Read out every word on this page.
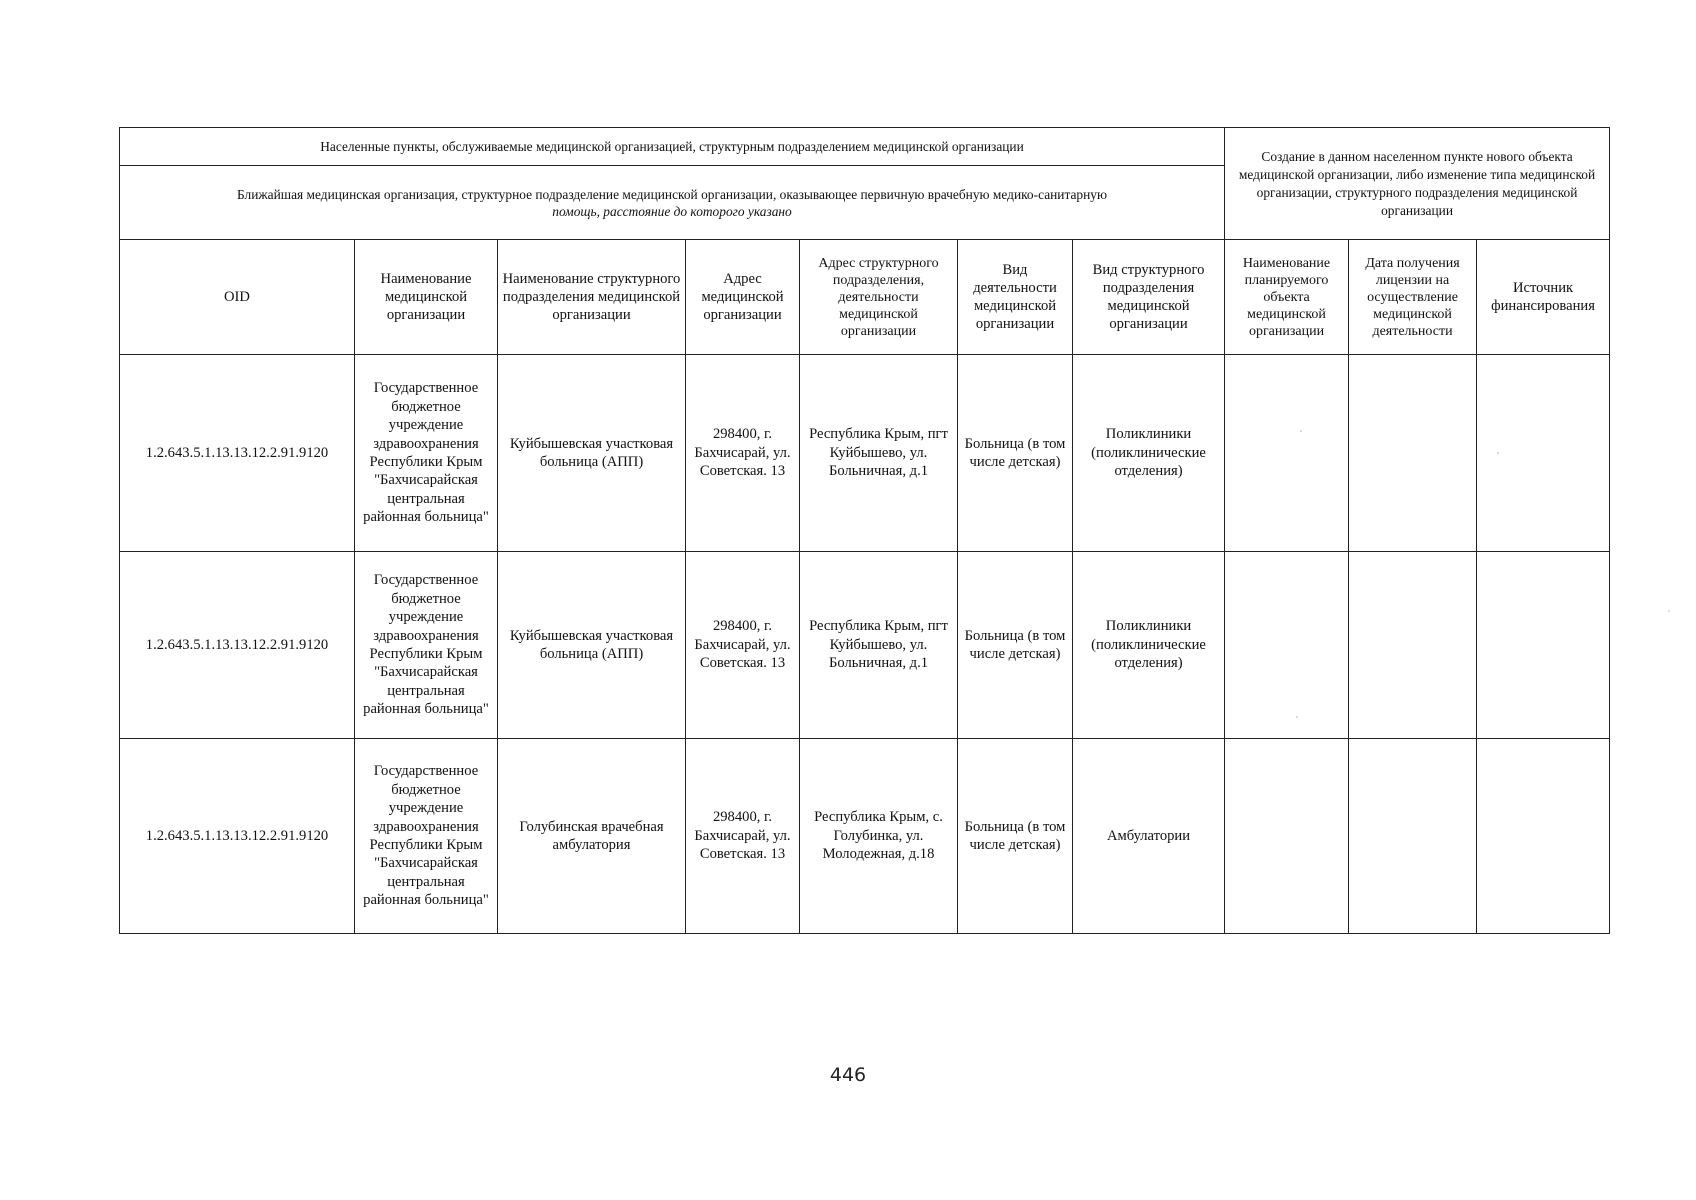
Населенные пункты, обслуживаемые медицинской организацией, структурным подразделением медицинской организации							Создание в данном населенном пункте нового объекта медицинской организации, либо изменение типа медицинской организации, структурного подразделения медицинской организации		
Ближайшая медицинская организация, структурное подразделение медицинской организации, оказывающее первичную врачебную медико-санитарную
помощь, расстояние до которого указано									
OID	Наименование медицинской организации	Наименование структурного подразделения медицинской организации	Адрес медицинской организации	Адрес структурного подразделения, деятельности медицинской организации	Вид деятельности медицинской организации	Вид структурного подразделения медицинской организации	Наименование планируемого объекта медицинской организации	Дата получения лицензии на осуществление медицинской деятельности	Источник финансирования
1.2.643.5.1.13.13.12.2.91.9120	Государственное бюджетное учреждение здравоохранения Республики Крым "Бахчисарайская центральная районная больница"	Куйбышевская участковая больница (АПП)	298400, г. Бахчисарай, ул. Советская. 13	Республика Крым, пгт Куйбышево, ул. Больничная, д.1	Больница (в том числе детская)	Поликлиники (поликлинические отделения)			
1.2.643.5.1.13.13.12.2.91.9120	Государственное бюджетное учреждение здравоохранения Республики Крым "Бахчисарайская центральная районная больница"	Куйбышевская участковая больница (АПП)	298400, г. Бахчисарай, ул. Советская. 13	Республика Крым, пгт Куйбышево, ул. Больничная, д.1	Больница (в том числе детская)	Поликлиники (поликлинические отделения)			
1.2.643.5.1.13.13.12.2.91.9120	Государственное бюджетное учреждение здравоохранения Республики Крым "Бахчисарайская центральная районная больница"	Голубинская врачебная амбулатория	298400, г. Бахчисарай, ул. Советская. 13	Республика Крым, с. Голубинка, ул. Молодежная, д.18	Больница (в том числе детская)	Амбулатории			
446
